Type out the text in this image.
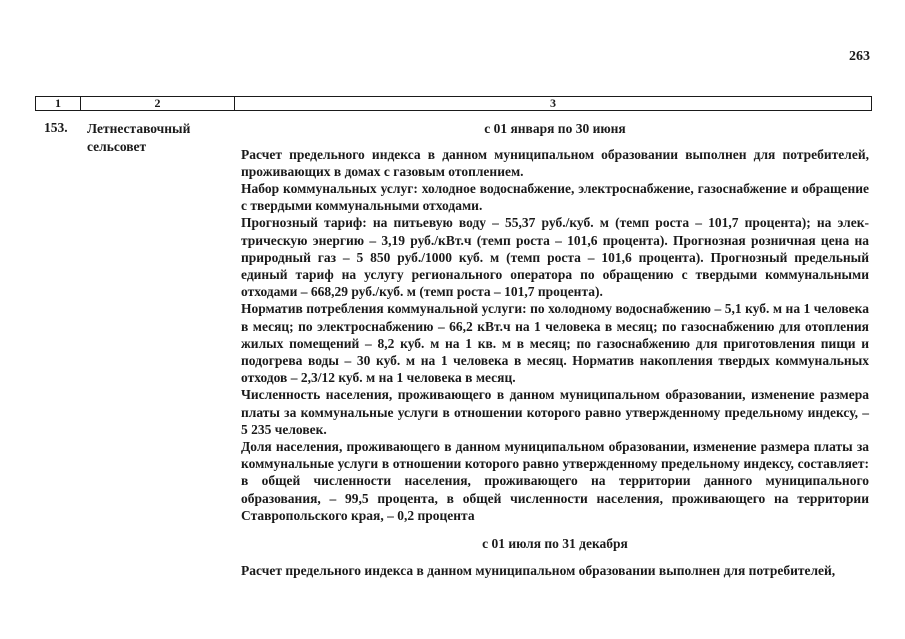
263
1	2	3
153. Летнеставочный сельсовет
с 01 января по 30 июня

Расчет предельного индекса в данном муниципальном образовании выполнен для потребителей, проживающих в домах с газовым отоплением.

Набор коммунальных услуг: холодное водоснабжение, электроснабжение, газоснабжение и обращение с твердыми коммунальными отходами.

Прогнозный тариф: на питьевую воду – 55,37 руб./куб. м (темп роста – 101,7 процента); на электрическую энергию – 3,19 руб./кВт.ч (темп роста – 101,6 процента). Прогнозная розничная цена на природный газ – 5 850 руб./1000 куб. м (темп роста – 101,6 процента). Прогнозный предельный единый тариф на услугу регионального оператора по обращению с твердыми коммунальными отходами – 668,29 руб./куб. м (темп роста – 101,7 процента).

Норматив потребления коммунальной услуги: по холодному водоснабжению – 5,1 куб. м на 1 человека в месяц; по электроснабжению – 66,2 кВт.ч на 1 человека в месяц; по газоснабжению для отопления жилых помещений – 8,2 куб. м на 1 кв. м в месяц; по газоснабжению для приготовления пищи и подогрева воды – 30 куб. м на 1 человека в месяц. Норматив накопления твердых коммунальных отходов – 2,3/12 куб. м на 1 человека в месяц.

Численность населения, проживающего в данном муниципальном образовании, изменение размера платы за коммунальные услуги в отношении которого равно утвержденному предельному индексу, – 5 235 человек.

Доля населения, проживающего в данном муниципальном образовании, изменение размера платы за коммунальные услуги в отношении которого равно утвержденному предельному индексу, составляет: в общей численности населения, проживающего на территории данного муниципального образования, – 99,5 процента, в общей численности населения, проживающего на территории Ставропольского края, – 0,2 процента

с 01 июля по 31 декабря

Расчет предельного индекса в данном муниципальном образовании выполнен для потребителей,
